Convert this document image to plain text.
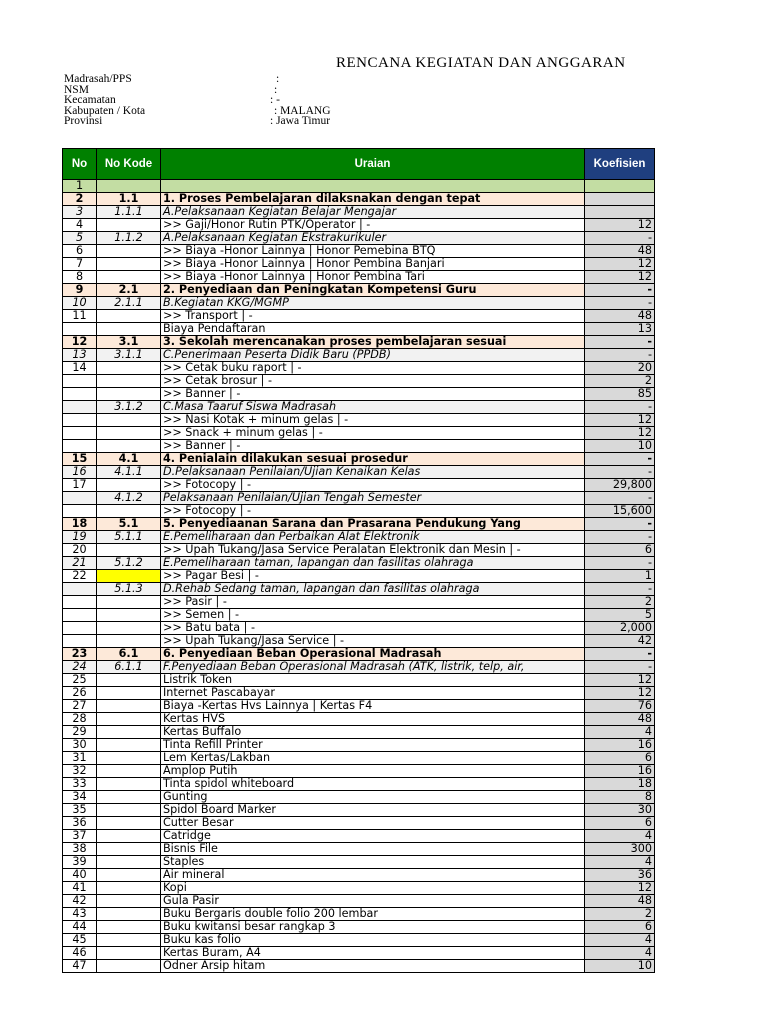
RENCANA KEGIATAN DAN ANGGARAN
Madrasah/PPS	:
NSM	:
Kecamatan	: -
Kabupaten / Kota	: MALANG
Provinsi	: Jawa Timur
No	No Kode	Uraian	Koefisien
1			
2	1.1	1. Proses Pembelajaran dilaksnakan dengan tepat	
3	1.1.1	A.Pelaksanaan Kegiatan Belajar Mengajar	
4		>> Gaji/Honor Rutin PTK/Operator | -	12
5	1.1.2	A.Pelaksanaan Kegiatan Ekstrakurikuler	-
6		>> Biaya -Honor Lainnya | Honor Pemebina BTQ	48
7		>> Biaya -Honor Lainnya | Honor Pembina Banjari	12
8		>> Biaya -Honor Lainnya | Honor Pembina Tari	12
9	2.1	2. Penyediaan dan Peningkatan Kompetensi Guru	-
10	2.1.1	B.Kegiatan KKG/MGMP	-
11		>> Transport | -	48
		Biaya Pendaftaran	13
12	3.1	3. Sekolah merencanakan proses pembelajaran sesuai	-
13	3.1.1	C.Penerimaan Peserta Didik Baru (PPDB)	-
14		>> Cetak buku raport | -	20
		>> Cetak brosur | -	2
		>> Banner | -	85
	3.1.2	C.Masa Taaruf Siswa Madrasah	-
		>> Nasi Kotak + minum gelas | -	12
		>> Snack + minum gelas | -	12
		>> Banner | -	10
15	4.1	4. Penialain dilakukan sesuai prosedur	-
16	4.1.1	D.Pelaksanaan Penilaian/Ujian Kenaikan Kelas	-
17		>> Fotocopy | -	29,800
	4.1.2	Pelaksanaan Penilaian/Ujian Tengah Semester	-
		>> Fotocopy | -	15,600
18	5.1	5. Penyediaanan Sarana dan Prasarana Pendukung Yang	-
19	5.1.1	E.Pemeliharaan dan Perbaikan Alat Elektronik	-
20		>> Upah Tukang/Jasa Service Peralatan Elektronik dan Mesin | -	6
21	5.1.2	E.Pemeliharaan taman, lapangan dan fasilitas olahraga	-
22		>> Pagar Besi | -	1
	5.1.3	D.Rehab Sedang taman, lapangan dan fasilitas olahraga	-
		>> Pasir | -	2
		>> Semen | -	5
		>> Batu bata | -	2,000
		>> Upah Tukang/Jasa Service | -	42
23	6.1	6. Penyediaan Beban Operasional Madrasah	-
24	6.1.1	F.Penyediaan Beban Operasional Madrasah (ATK, listrik, telp, air,	-
25		Listrik Token	12
26		Internet Pascabayar	12
27		Biaya -Kertas Hvs Lainnya | Kertas F4	76
28		Kertas HVS	48
29		Kertas Buffalo	4
30		Tinta Refill Printer	16
31		Lem Kertas/Lakban	6
32		Amplop Putih	16
33		Tinta spidol whiteboard	18
34		Gunting	8
35		Spidol Board Marker	30
36		Cutter Besar	6
37		Catridge	4
38		Bisnis File	300
39		Staples	4
40		Air mineral	36
41		Kopi	12
42		Gula Pasir	48
43		Buku Bergaris double folio 200 lembar	2
44		Buku kwitansi besar rangkap 3	6
45		Buku kas folio	4
46		Kertas Buram, A4	4
47		Odner Arsip hitam	10
